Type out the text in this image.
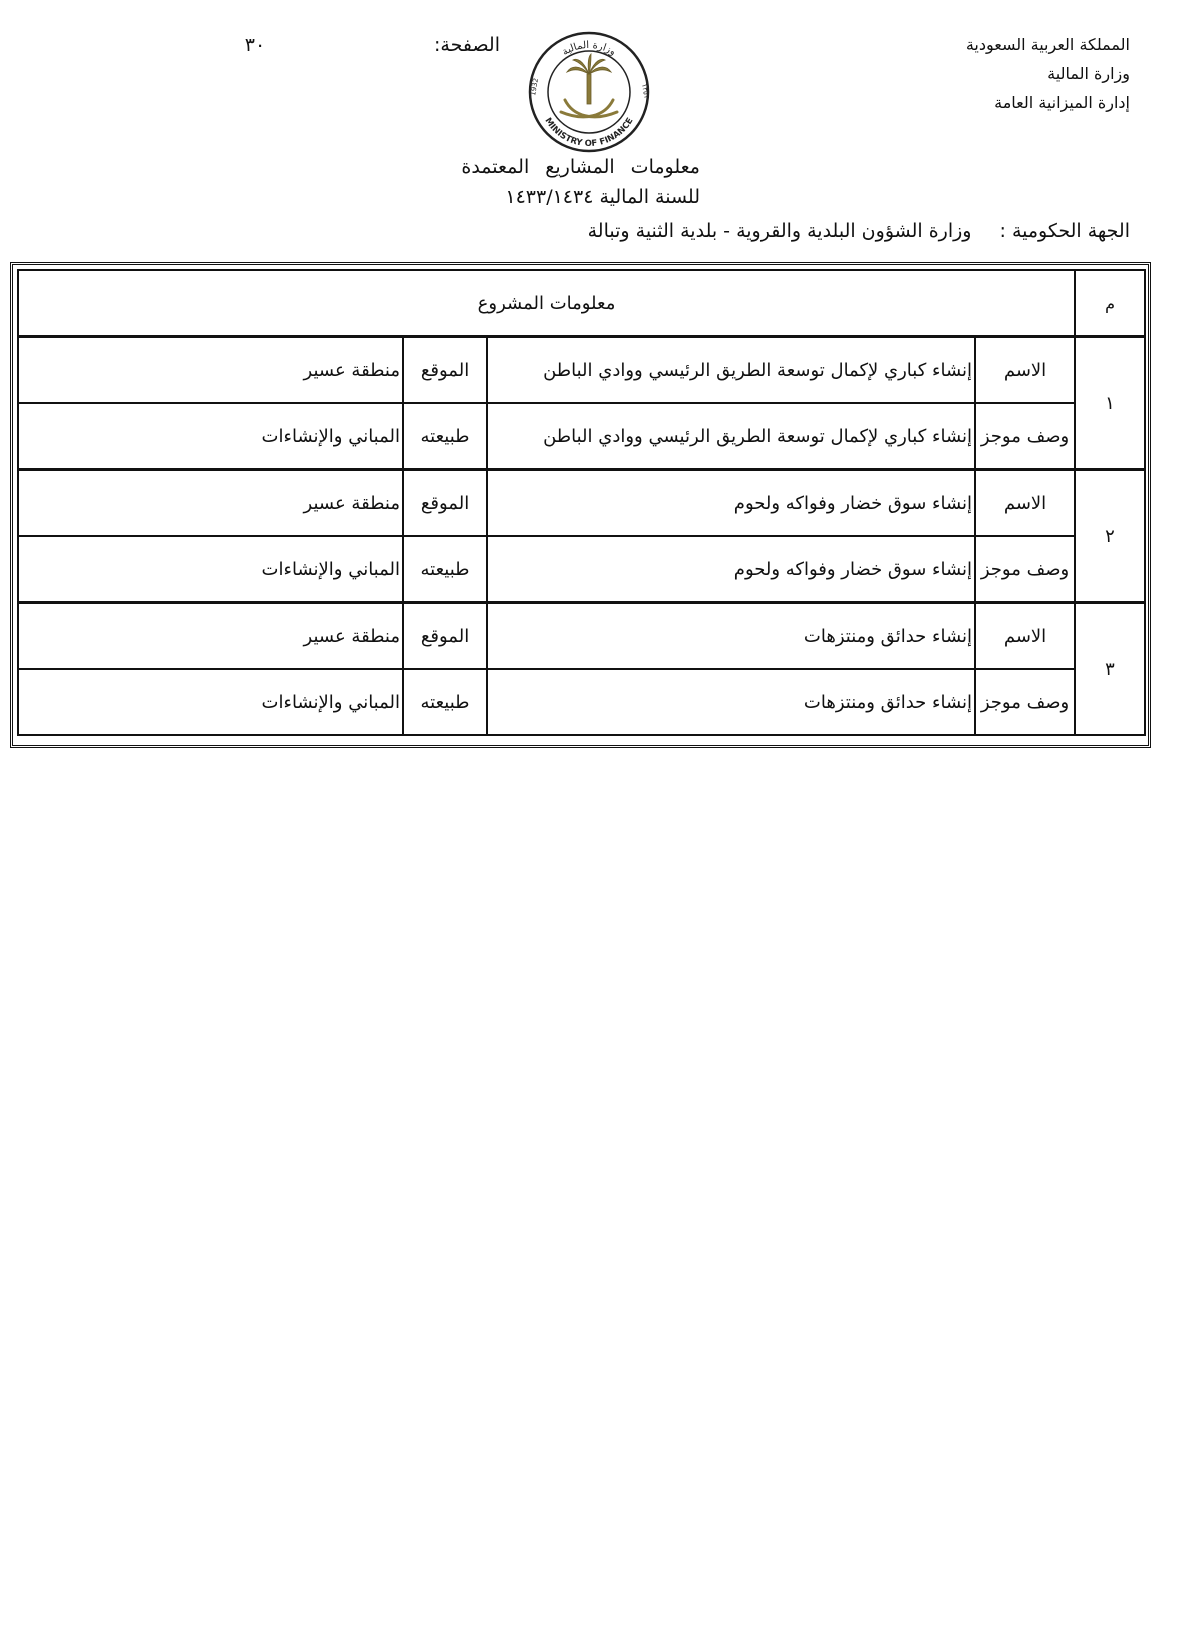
المملكة العربية السعودية
وزارة المالية
إدارة الميزانية العامة
الصفحة:
٣٠	وزارة المالية
MINISTRY OF FINANCE
1932	١٣٥١
معلومات المشاريع المعتمدة
للسنة المالية ١٤٣٣/١٤٣٤
الجهة الحكومية : وزارة الشؤون البلدية والقروية - بلدية الثنية وتبالة
م	معلومات المشروع			
١	الاسم	إنشاء كباري لإكمال توسعة الطريق الرئيسي ووادي الباطن	الموقع	منطقة عسير
	وصف موجز	إنشاء كباري لإكمال توسعة الطريق الرئيسي ووادي الباطن	طبيعته	المباني والإنشاءات
٢	الاسم	إنشاء سوق خضار وفواكه ولحوم	الموقع	منطقة عسير
	وصف موجز	إنشاء سوق خضار وفواكه ولحوم	طبيعته	المباني والإنشاءات
٣	الاسم	إنشاء حدائق ومنتزهات	الموقع	منطقة عسير
	وصف موجز	إنشاء حدائق ومنتزهات	طبيعته	المباني والإنشاءات
